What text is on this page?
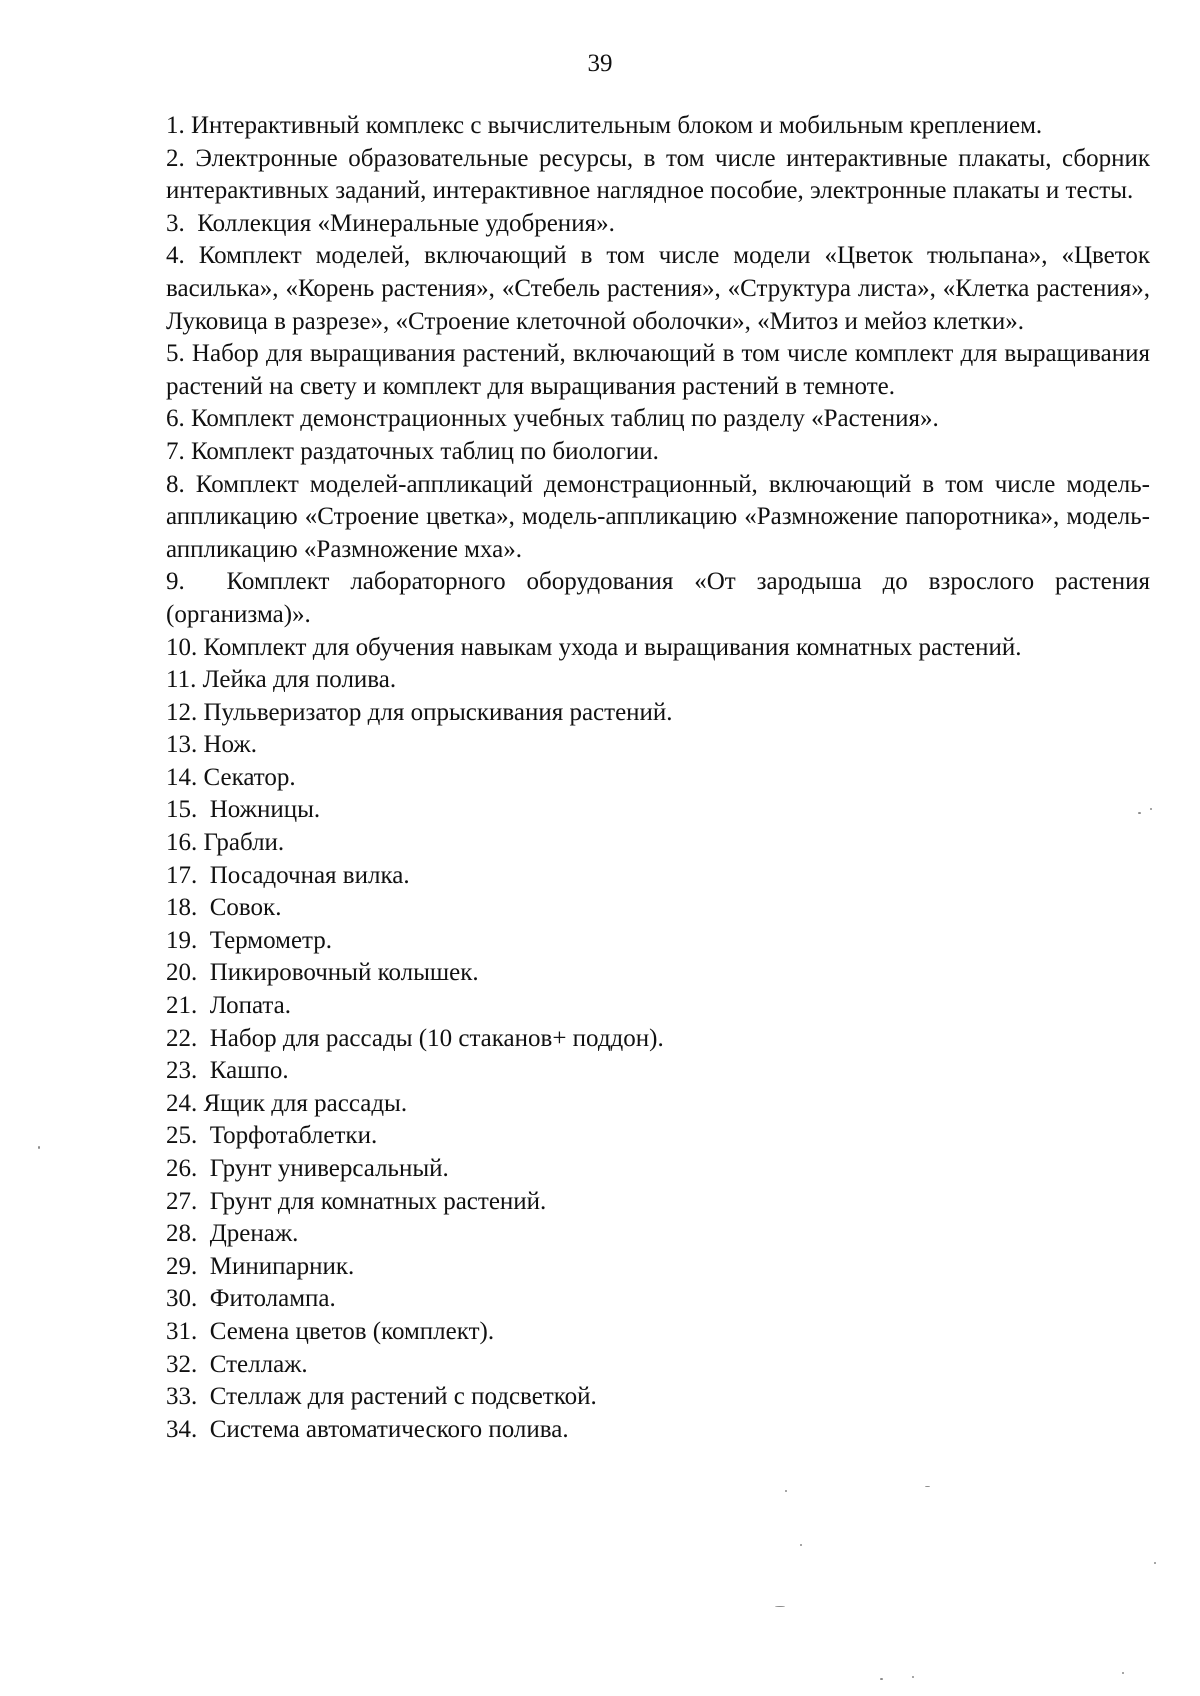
39

1. Интерактивный комплекс с вычислительным блоком и мобильным креплением.

2. Электронные образовательные ресурсы, в том числе интерактивные плакаты, сборник интерактивных заданий, интерактивное наглядное пособие, электронные плакаты и тесты.

3.  Коллекция «Минеральные удобрения».

4. Комплект моделей, включающий в том числе модели «Цветок тюльпана», «Цветок василька», «Корень растения», «Стебель растения», «Структура листа», «Клетка растения», Луковица в разрезе», «Строение клеточной оболочки», «Митоз и мейоз клетки».

5. Набор для выращивания растений, включающий в том числе комплект для выращивания растений на свету и комплект для выращивания растений в темноте.

6. Комплект демонстрационных учебных таблиц по разделу «Растения».

7. Комплект раздаточных таблиц по биологии.

8. Комплект моделей-аппликаций демонстрационный, включающий в том числе модель-аппликацию «Строение цветка», модель-аппликацию «Размножение папоротника», модель-аппликацию «Размножение мха».

9.  Комплект лабораторного оборудования «От зародыша до взрослого растения (организма)».

10. Комплект для обучения навыкам ухода и выращивания комнатных растений.

11. Лейка для полива.

12. Пульверизатор для опрыскивания растений.

13. Нож.

14. Секатор.

15.  Ножницы.

16. Грабли.

17.  Посадочная вилка.

18.  Совок.

19.  Термометр.

20.  Пикировочный колышек.

21.  Лопата.

22.  Набор для рассады (10 стаканов+ поддон).

23.  Кашпо.

24. Ящик для рассады.

25.  Торфотаблетки.

26.  Грунт универсальный.

27.  Грунт для комнатных растений.

28.  Дренаж.

29.  Минипарник.

30.  Фитолампа.

31.  Семена цветов (комплект).

32.  Стеллаж.

33.  Стеллаж для растений с подсветкой.

34.  Система автоматического полива.
